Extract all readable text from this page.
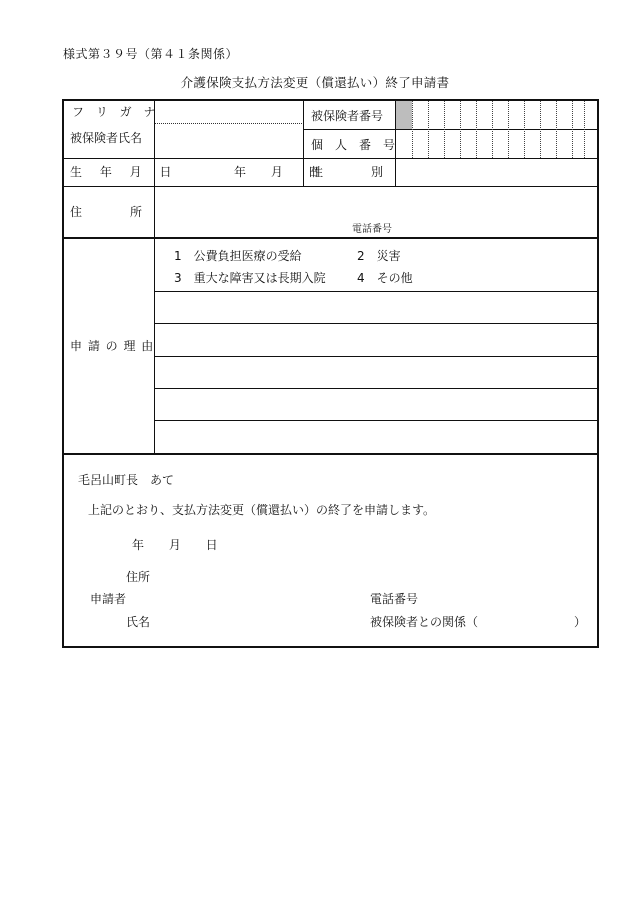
様式第３９号（第４１条関係）
介護保険支払方法変更（償還払い）終了申請書
フ リ ガ ナ
被保険者氏名
被保険者番号
個　人　番　号
生 年 月 日	年　 月　 日
性　　　　別
住　　　　所
電話番号
申 請 の 理 由
1　公費負担医療の受給	2　災害
3　重大な障害又は長期入院	4　その他
毛呂山町長　あて
上記のとおり、支払方法変更（償還払い）の終了を申請します。
年　 月　 日
住所
申請者
氏名
電話番号
被保険者との関係（　　　　　　　　）
